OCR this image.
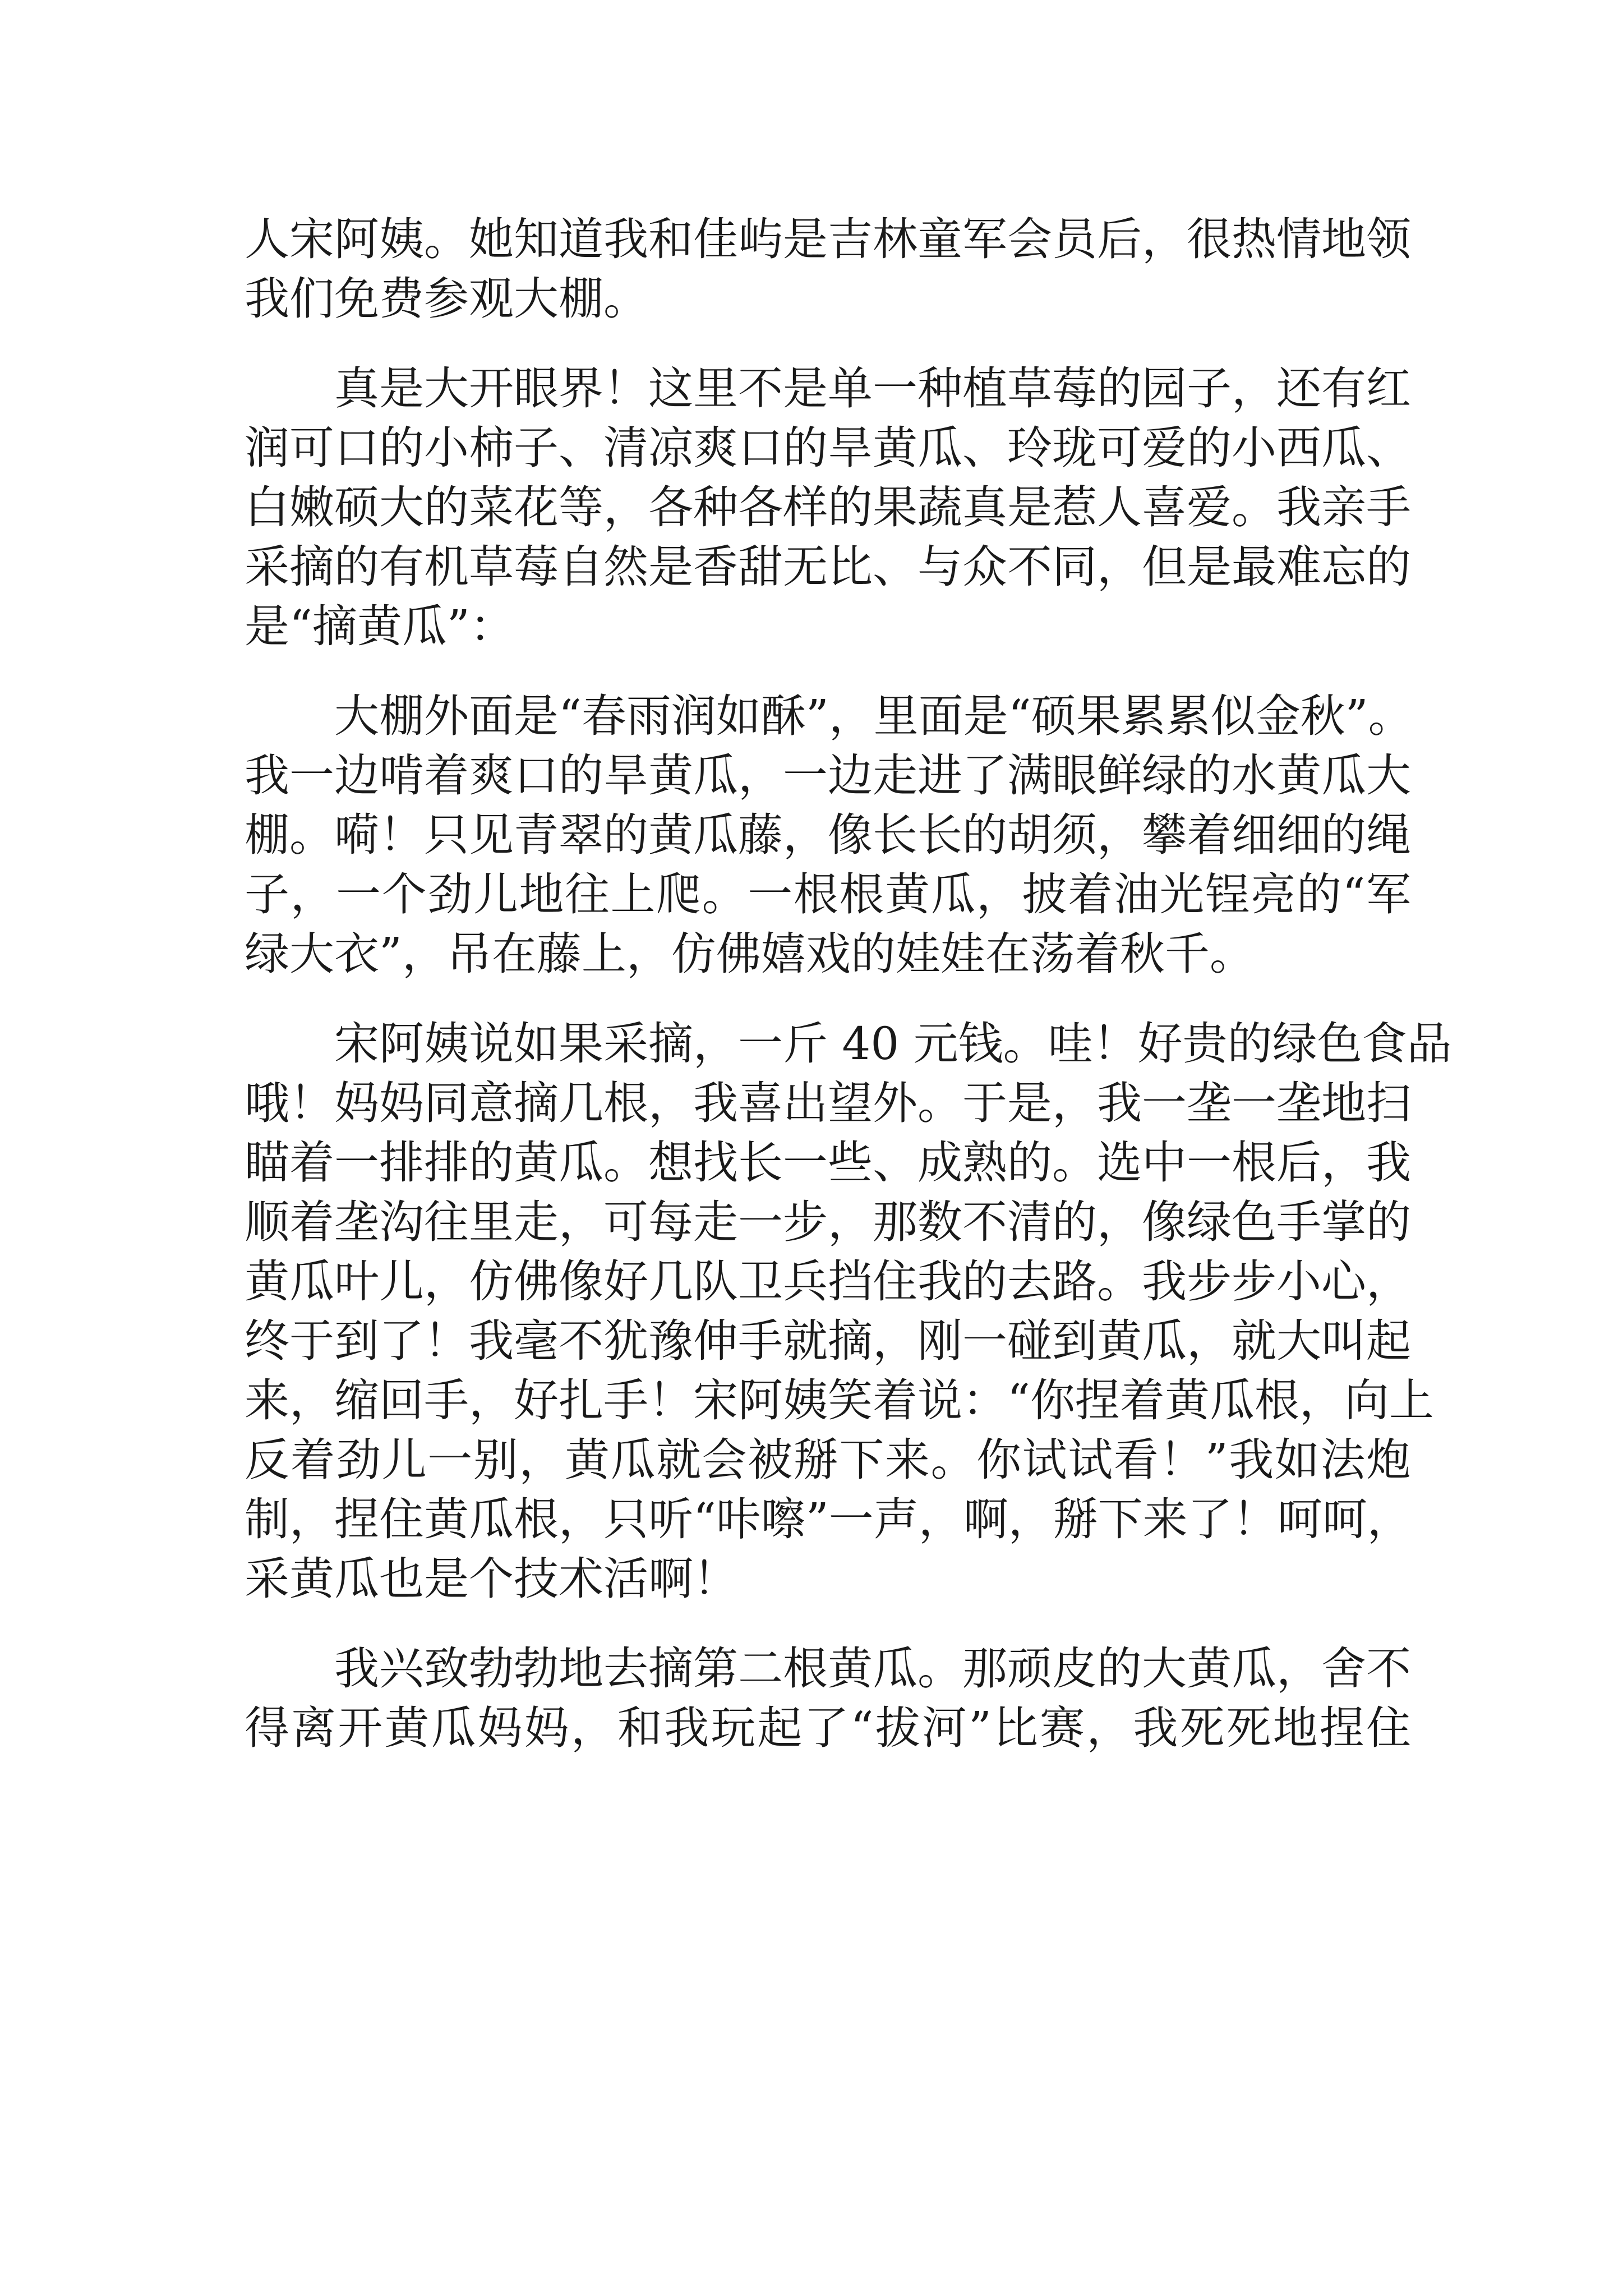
人宋阿姨。她知道我和佳屿是吉林童军会员后，很热情地领
我们免费参观大棚。
真是大开眼界！这里不是单一种植草莓的园子，还有红
润可口的小柿子、清凉爽口的旱黄瓜、玲珑可爱的小西瓜、
白嫩硕大的菜花等，各种各样的果蔬真是惹人喜爱。我亲手
采摘的有机草莓自然是香甜无比、与众不同，但是最难忘的
是“摘黄瓜”：
大棚外面是“春雨润如酥”，里面是“硕果累累似金秋”。
我一边啃着爽口的旱黄瓜，一边走进了满眼鲜绿的水黄瓜大
棚。嗬！只见青翠的黄瓜藤，像长长的胡须，攀着细细的绳
子，一个劲儿地往上爬。一根根黄瓜，披着油光锃亮的“军
绿大衣”，吊在藤上，仿佛嬉戏的娃娃在荡着秋千。
宋阿姨说如果采摘，一斤 40 元钱。哇！好贵的绿色食品
哦！妈妈同意摘几根，我喜出望外。于是，我一垄一垄地扫
瞄着一排排的黄瓜。想找长一些、成熟的。选中一根后，我
顺着垄沟往里走，可每走一步，那数不清的，像绿色手掌的
黄瓜叶儿，仿佛像好几队卫兵挡住我的去路。我步步小心，
终于到了！我毫不犹豫伸手就摘，刚一碰到黄瓜，就大叫起
来，缩回手，好扎手！宋阿姨笑着说：“你捏着黄瓜根，向上
反着劲儿一别，黄瓜就会被掰下来。你试试看！”我如法炮
制，捏住黄瓜根，只听“咔嚓”一声，啊，掰下来了！呵呵，
采黄瓜也是个技术活啊！
我兴致勃勃地去摘第二根黄瓜。那顽皮的大黄瓜，舍不
得离开黄瓜妈妈，和我玩起了“拔河”比赛，我死死地捏住
